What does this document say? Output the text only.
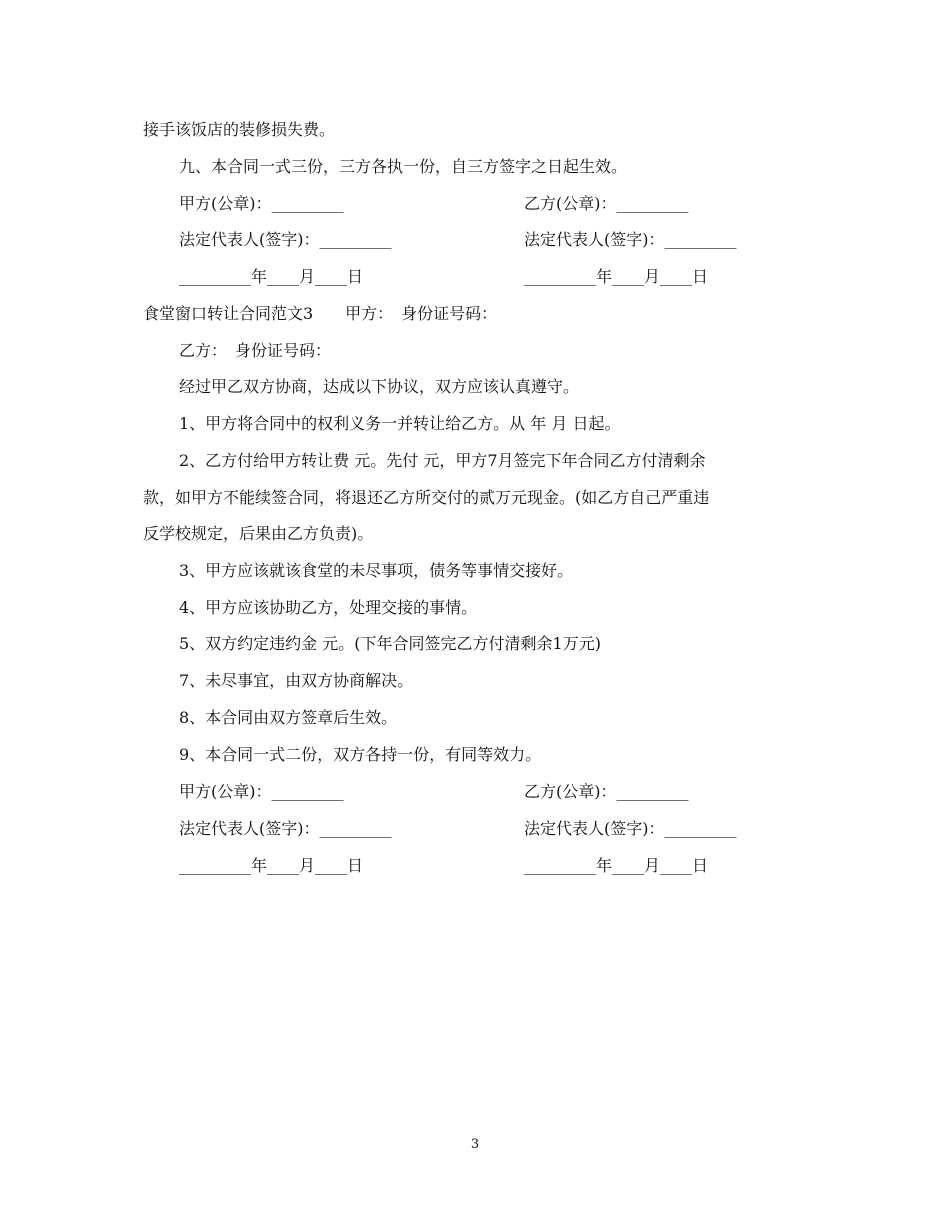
接手该饭店的装修损失费。
九、本合同一式三份，三方各执一份，自三方签字之日起生效。
甲方(公章)：_________	乙方(公章)：_________
法定代表人(签字)：_________	法定代表人(签字)：_________
_________年____月____日	_________年____月____日
食堂窗口转让合同范文3　　甲方：　身份证号码：
乙方：　身份证号码：
经过甲乙双方协商，达成以下协议，双方应该认真遵守。
1、甲方将合同中的权利义务一并转让给乙方。从 年 月 日起。
2、乙方付给甲方转让费 元。先付 元，甲方7月签完下年合同乙方付清剩余
款，如甲方不能续签合同，将退还乙方所交付的贰万元现金。(如乙方自己严重违
反学校规定，后果由乙方负责)。
3、甲方应该就该食堂的未尽事项，债务等事情交接好。
4、甲方应该协助乙方，处理交接的事情。
5、双方约定违约金 元。(下年合同签完乙方付清剩余1万元)
7、未尽事宜，由双方协商解决。
8、本合同由双方签章后生效。
9、本合同一式二份，双方各持一份，有同等效力。
甲方(公章)：_________	乙方(公章)：_________
法定代表人(签字)：_________	法定代表人(签字)：_________
_________年____月____日	_________年____月____日
3
